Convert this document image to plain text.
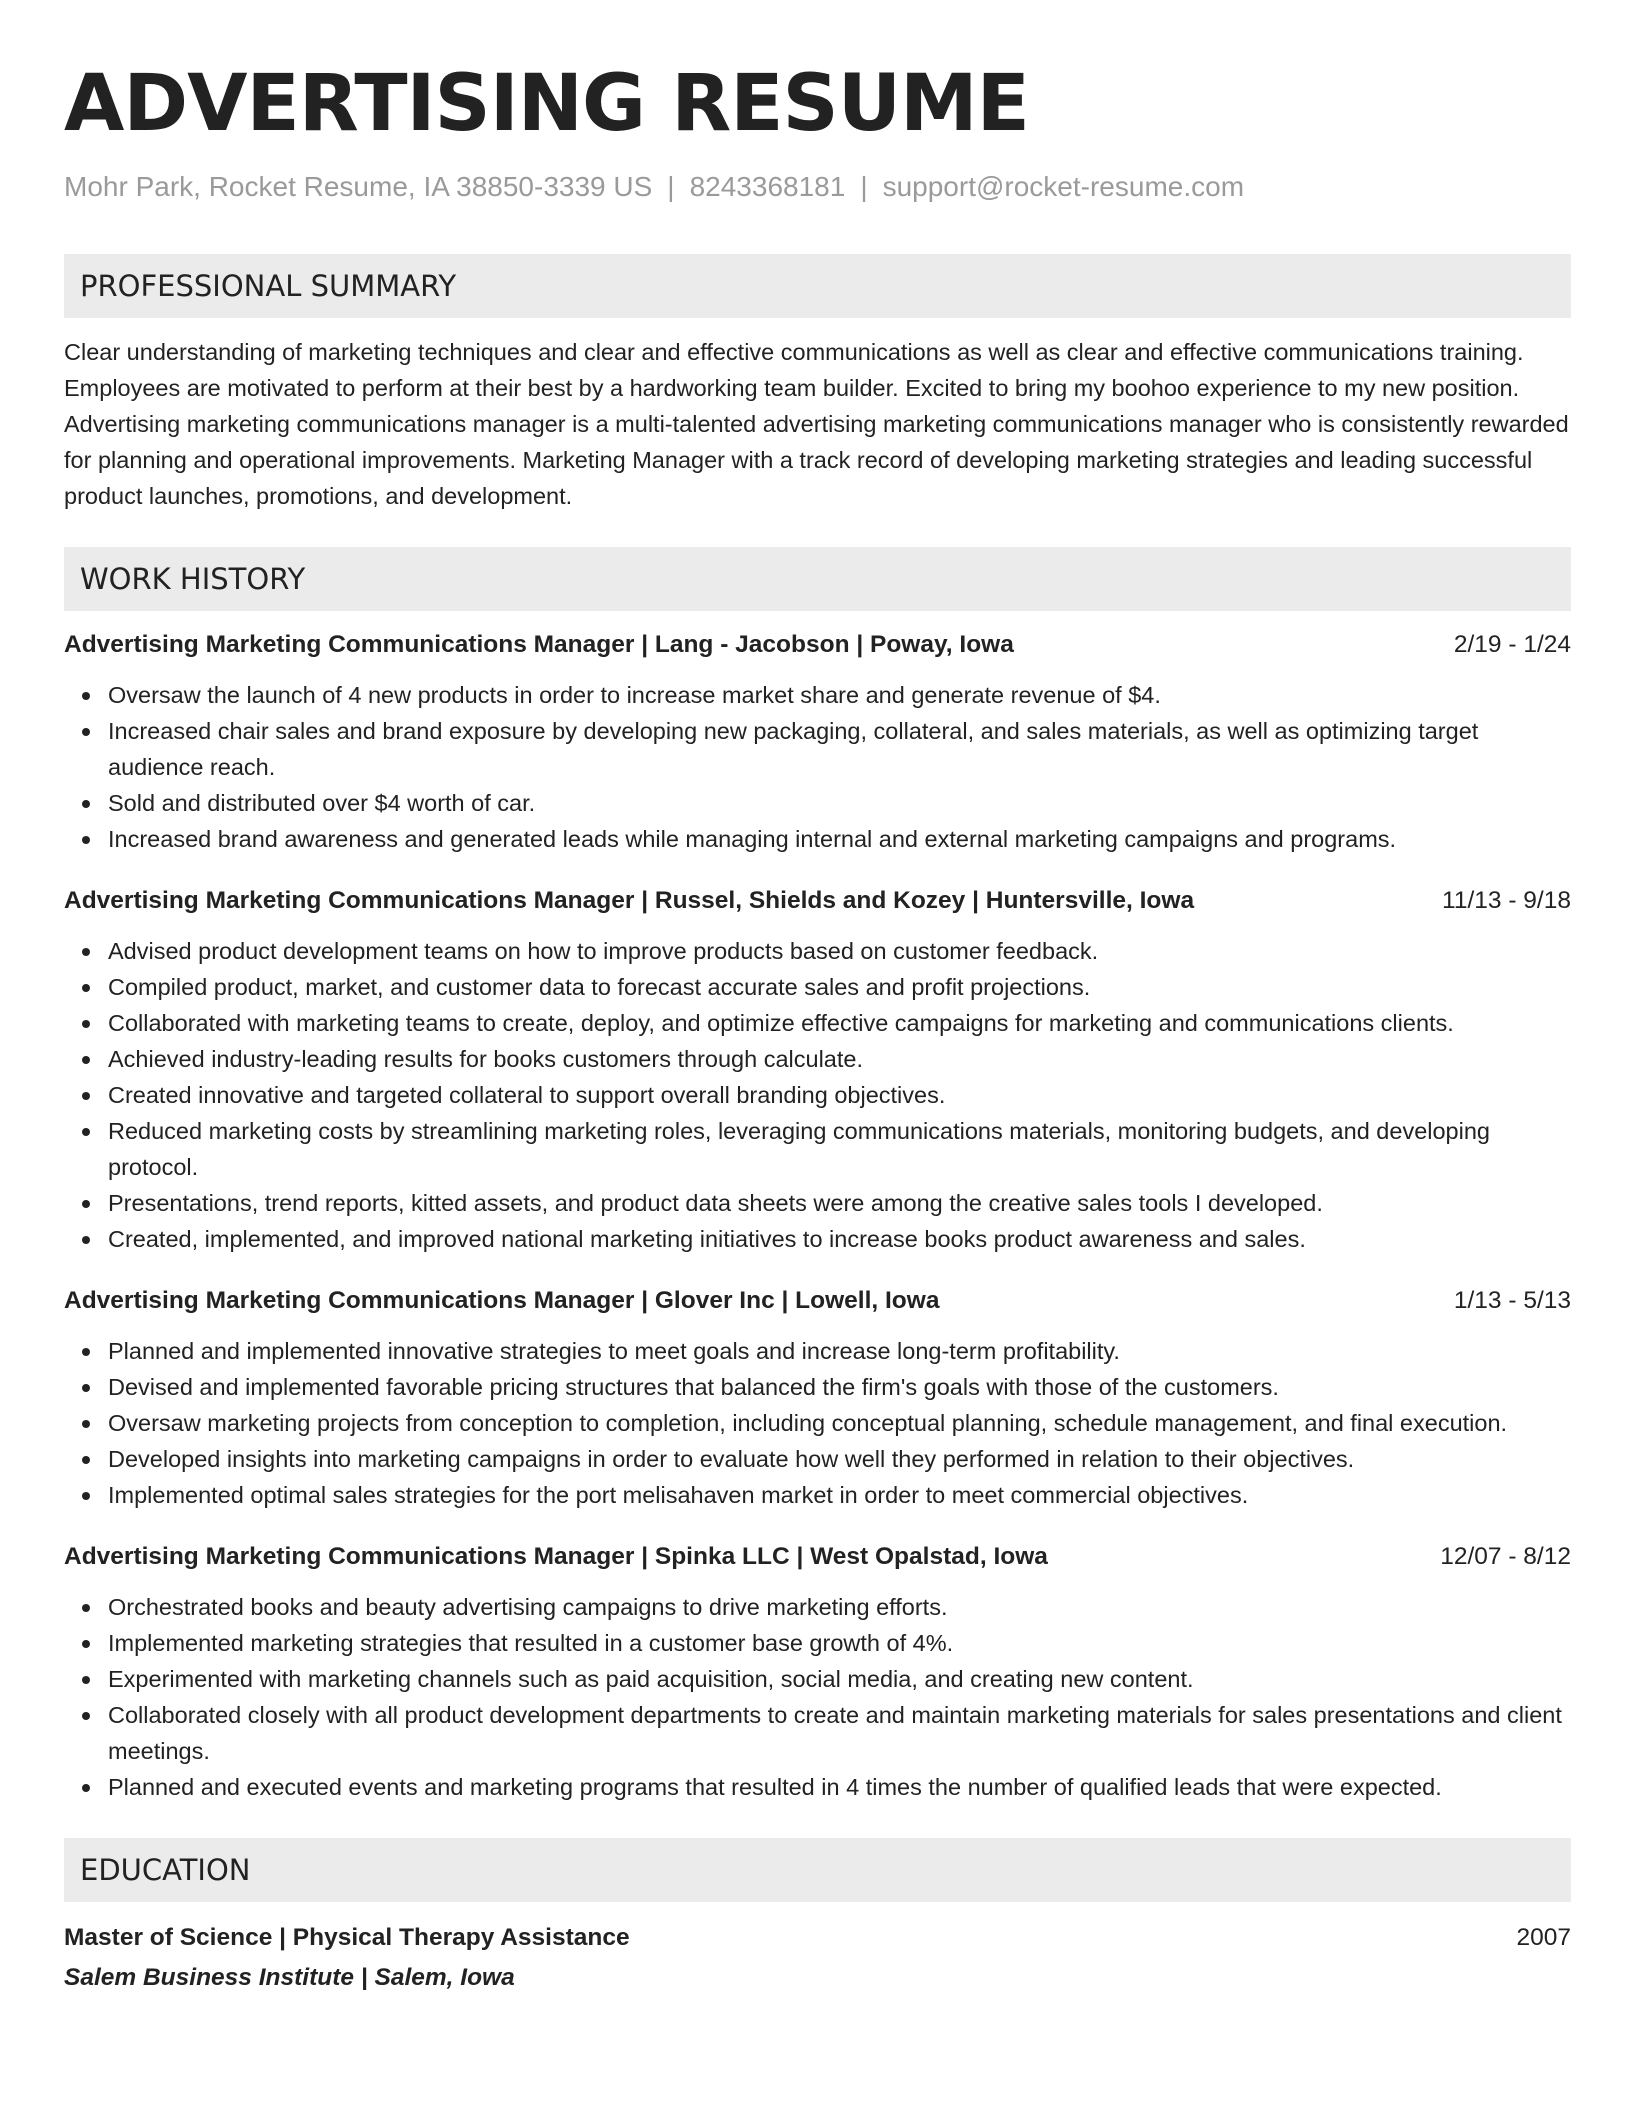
ADVERTISING RESUME
Mohr Park, Rocket Resume, IA 38850-3339 US | 8243368181 | support@rocket-resume.com
PROFESSIONAL SUMMARY
Clear understanding of marketing techniques and clear and effective communications as well as clear and effective communications training. Employees are motivated to perform at their best by a hardworking team builder. Excited to bring my boohoo experience to my new position. Advertising marketing communications manager is a multi-talented advertising marketing communications manager who is consistently rewarded for planning and operational improvements. Marketing Manager with a track record of developing marketing strategies and leading successful product launches, promotions, and development.
WORK HISTORY
Advertising Marketing Communications Manager | Lang - Jacobson | Poway, Iowa	2/19 - 1/24
Oversaw the launch of 4 new products in order to increase market share and generate revenue of $4.
Increased chair sales and brand exposure by developing new packaging, collateral, and sales materials, as well as optimizing target audience reach.
Sold and distributed over $4 worth of car.
Increased brand awareness and generated leads while managing internal and external marketing campaigns and programs.
Advertising Marketing Communications Manager | Russel, Shields and Kozey | Huntersville, Iowa	11/13 - 9/18
Advised product development teams on how to improve products based on customer feedback.
Compiled product, market, and customer data to forecast accurate sales and profit projections.
Collaborated with marketing teams to create, deploy, and optimize effective campaigns for marketing and communications clients.
Achieved industry-leading results for books customers through calculate.
Created innovative and targeted collateral to support overall branding objectives.
Reduced marketing costs by streamlining marketing roles, leveraging communications materials, monitoring budgets, and developing protocol.
Presentations, trend reports, kitted assets, and product data sheets were among the creative sales tools I developed.
Created, implemented, and improved national marketing initiatives to increase books product awareness and sales.
Advertising Marketing Communications Manager | Glover Inc | Lowell, Iowa	1/13 - 5/13
Planned and implemented innovative strategies to meet goals and increase long-term profitability.
Devised and implemented favorable pricing structures that balanced the firm's goals with those of the customers.
Oversaw marketing projects from conception to completion, including conceptual planning, schedule management, and final execution.
Developed insights into marketing campaigns in order to evaluate how well they performed in relation to their objectives.
Implemented optimal sales strategies for the port melisahaven market in order to meet commercial objectives.
Advertising Marketing Communications Manager | Spinka LLC | West Opalstad, Iowa	12/07 - 8/12
Orchestrated books and beauty advertising campaigns to drive marketing efforts.
Implemented marketing strategies that resulted in a customer base growth of 4%.
Experimented with marketing channels such as paid acquisition, social media, and creating new content.
Collaborated closely with all product development departments to create and maintain marketing materials for sales presentations and client meetings.
Planned and executed events and marketing programs that resulted in 4 times the number of qualified leads that were expected.
EDUCATION
Master of Science | Physical Therapy Assistance	2007
Salem Business Institute | Salem, Iowa
